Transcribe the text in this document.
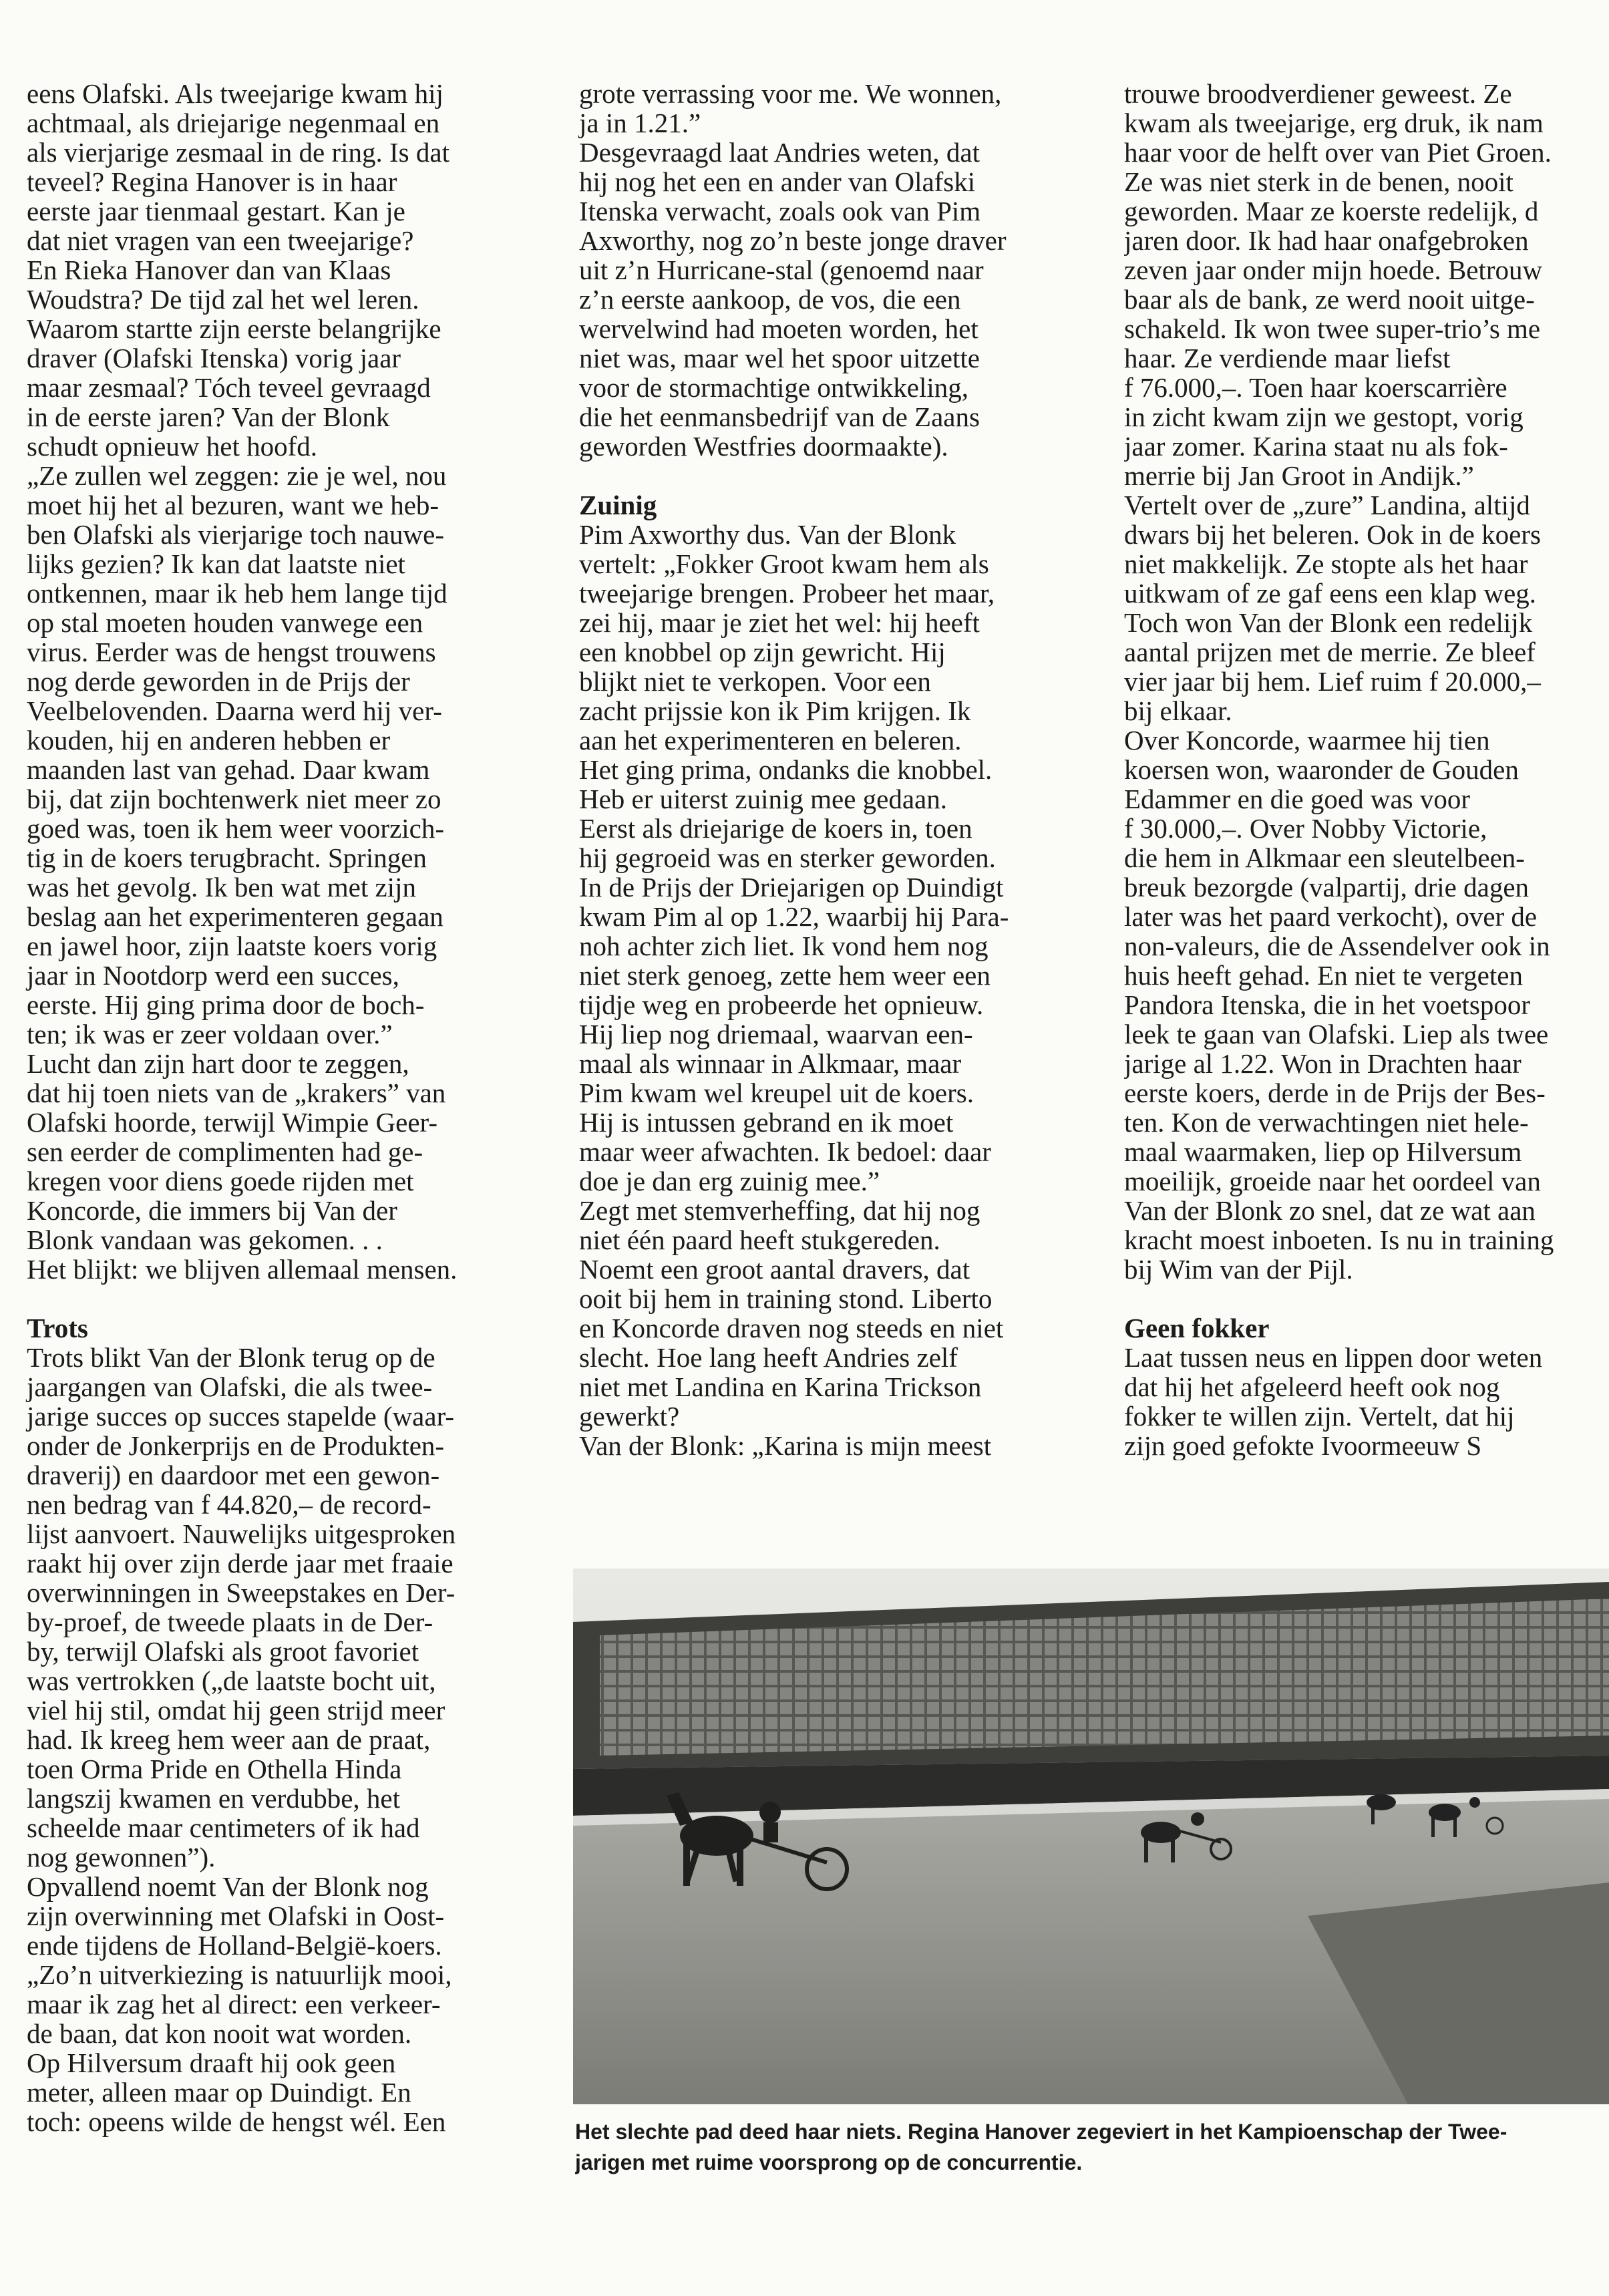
eens Olafski. Als tweejarige kwam hij

achtmaal, als driejarige negenmaal en

als vierjarige zesmaal in de ring. Is dat

teveel? Regina Hanover is in haar

eerste jaar tienmaal gestart. Kan je

dat niet vragen van een tweejarige?

En Rieka Hanover dan van Klaas

Woudstra? De tijd zal het wel leren.

Waarom startte zijn eerste belangrijke

draver (Olafski Itenska) vorig jaar

maar zesmaal? Tóch teveel gevraagd

in de eerste jaren? Van der Blonk

schudt opnieuw het hoofd.

„Ze zullen wel zeggen: zie je wel, nou

moet hij het al bezuren, want we heb-

ben Olafski als vierjarige toch nauwe-

lijks gezien? Ik kan dat laatste niet

ontkennen, maar ik heb hem lange tijd

op stal moeten houden vanwege een

virus. Eerder was de hengst trouwens

nog derde geworden in de Prijs der

Veelbelovenden. Daarna werd hij ver-

kouden, hij en anderen hebben er

maanden last van gehad. Daar kwam

bij, dat zijn bochtenwerk niet meer zo

goed was, toen ik hem weer voorzich-

tig in de koers terugbracht. Springen

was het gevolg. Ik ben wat met zijn

beslag aan het experimenteren gegaan

en jawel hoor, zijn laatste koers vorig

jaar in Nootdorp werd een succes,

eerste. Hij ging prima door de boch-

ten; ik was er zeer voldaan over.”

Lucht dan zijn hart door te zeggen,

dat hij toen niets van de „krakers” van

Olafski hoorde, terwijl Wimpie Geer-

sen eerder de complimenten had ge-

kregen voor diens goede rijden met

Koncorde, die immers bij Van der

Blonk vandaan was gekomen. . .

Het blijkt: we blijven allemaal mensen.

Trots

Trots blikt Van der Blonk terug op de

jaargangen van Olafski, die als twee-

jarige succes op succes stapelde (waar-

onder de Jonkerprijs en de Produkten-

draverij) en daardoor met een gewon-

nen bedrag van f 44.820,– de record-

lijst aanvoert. Nauwelijks uitgesproken

raakt hij over zijn derde jaar met fraaie

overwinningen in Sweepstakes en Der-

by-proef, de tweede plaats in de Der-

by, terwijl Olafski als groot favoriet

was vertrokken („de laatste bocht uit,

viel hij stil, omdat hij geen strijd meer

had. Ik kreeg hem weer aan de praat,

toen Orma Pride en Othella Hinda

langszij kwamen en verdubbe, het

scheelde maar centimeters of ik had

nog gewonnen”).

Opvallend noemt Van der Blonk nog

zijn overwinning met Olafski in Oost-

ende tijdens de Holland-België-koers.

„Zo’n uitverkiezing is natuurlijk mooi,

maar ik zag het al direct: een verkeer-

de baan, dat kon nooit wat worden.

Op Hilversum draaft hij ook geen

meter, alleen maar op Duindigt. En

toch: opeens wilde de hengst wél. Een

grote verrassing voor me. We wonnen,

ja in 1.21.”

Desgevraagd laat Andries weten, dat

hij nog het een en ander van Olafski

Itenska verwacht, zoals ook van Pim

Axworthy, nog zo’n beste jonge draver

uit z’n Hurricane-stal (genoemd naar

z’n eerste aankoop, de vos, die een

wervelwind had moeten worden, het

niet was, maar wel het spoor uitzette

voor de stormachtige ontwikkeling,

die het eenmansbedrijf van de Zaans

geworden Westfries doormaakte).

Zuinig

Pim Axworthy dus. Van der Blonk

vertelt: „Fokker Groot kwam hem als

tweejarige brengen. Probeer het maar,

zei hij, maar je ziet het wel: hij heeft

een knobbel op zijn gewricht. Hij

blijkt niet te verkopen. Voor een

zacht prijssie kon ik Pim krijgen. Ik

aan het experimenteren en beleren.

Het ging prima, ondanks die knobbel.

Heb er uiterst zuinig mee gedaan.

Eerst als driejarige de koers in, toen

hij gegroeid was en sterker geworden.

In de Prijs der Driejarigen op Duindigt

kwam Pim al op 1.22, waarbij hij Para-

noh achter zich liet. Ik vond hem nog

niet sterk genoeg, zette hem weer een

tijdje weg en probeerde het opnieuw.

Hij liep nog driemaal, waarvan een-

maal als winnaar in Alkmaar, maar

Pim kwam wel kreupel uit de koers.

Hij is intussen gebrand en ik moet

maar weer afwachten. Ik bedoel: daar

doe je dan erg zuinig mee.”

Zegt met stemverheffing, dat hij nog

niet één paard heeft stukgereden.

Noemt een groot aantal dravers, dat

ooit bij hem in training stond. Liberto

en Koncorde draven nog steeds en niet

slecht. Hoe lang heeft Andries zelf

niet met Landina en Karina Trickson

gewerkt?

Van der Blonk: „Karina is mijn meest

trouwe broodverdiener geweest. Ze

kwam als tweejarige, erg druk, ik nam

haar voor de helft over van Piet Groen.

Ze was niet sterk in de benen, nooit

geworden. Maar ze koerste redelijk, d

jaren door. Ik had haar onafgebroken

zeven jaar onder mijn hoede. Betrouw

baar als de bank, ze werd nooit uitge-

schakeld. Ik won twee super-trio’s me

haar. Ze verdiende maar liefst

f 76.000,–. Toen haar koerscarrière

in zicht kwam zijn we gestopt, vorig

jaar zomer. Karina staat nu als fok-

merrie bij Jan Groot in Andijk.”

Vertelt over de „zure” Landina, altijd

dwars bij het beleren. Ook in de koers

niet makkelijk. Ze stopte als het haar

uitkwam of ze gaf eens een klap weg.

Toch won Van der Blonk een redelijk

aantal prijzen met de merrie. Ze bleef

vier jaar bij hem. Lief ruim f 20.000,–

bij elkaar.

Over Koncorde, waarmee hij tien

koersen won, waaronder de Gouden

Edammer en die goed was voor

f 30.000,–. Over Nobby Victorie,

die hem in Alkmaar een sleutelbeen-

breuk bezorgde (valpartij, drie dagen

later was het paard verkocht), over de

non-valeurs, die de Assendelver ook in

huis heeft gehad. En niet te vergeten

Pandora Itenska, die in het voetspoor

leek te gaan van Olafski. Liep als twee

jarige al 1.22. Won in Drachten haar

eerste koers, derde in de Prijs der Bes-

ten. Kon de verwachtingen niet hele-

maal waarmaken, liep op Hilversum

moeilijk, groeide naar het oordeel van

Van der Blonk zo snel, dat ze wat aan

kracht moest inboeten. Is nu in training

bij Wim van der Pijl.

Geen fokker

Laat tussen neus en lippen door weten

dat hij het afgeleerd heeft ook nog

fokker te willen zijn. Vertelt, dat hij

zijn goed gefokte Ivoormeeuw S

Het slechte pad deed haar niets. Regina Hanover zegeviert in het Kampioenschap der Twee-

jarigen met ruime voorsprong op de concurrentie.
